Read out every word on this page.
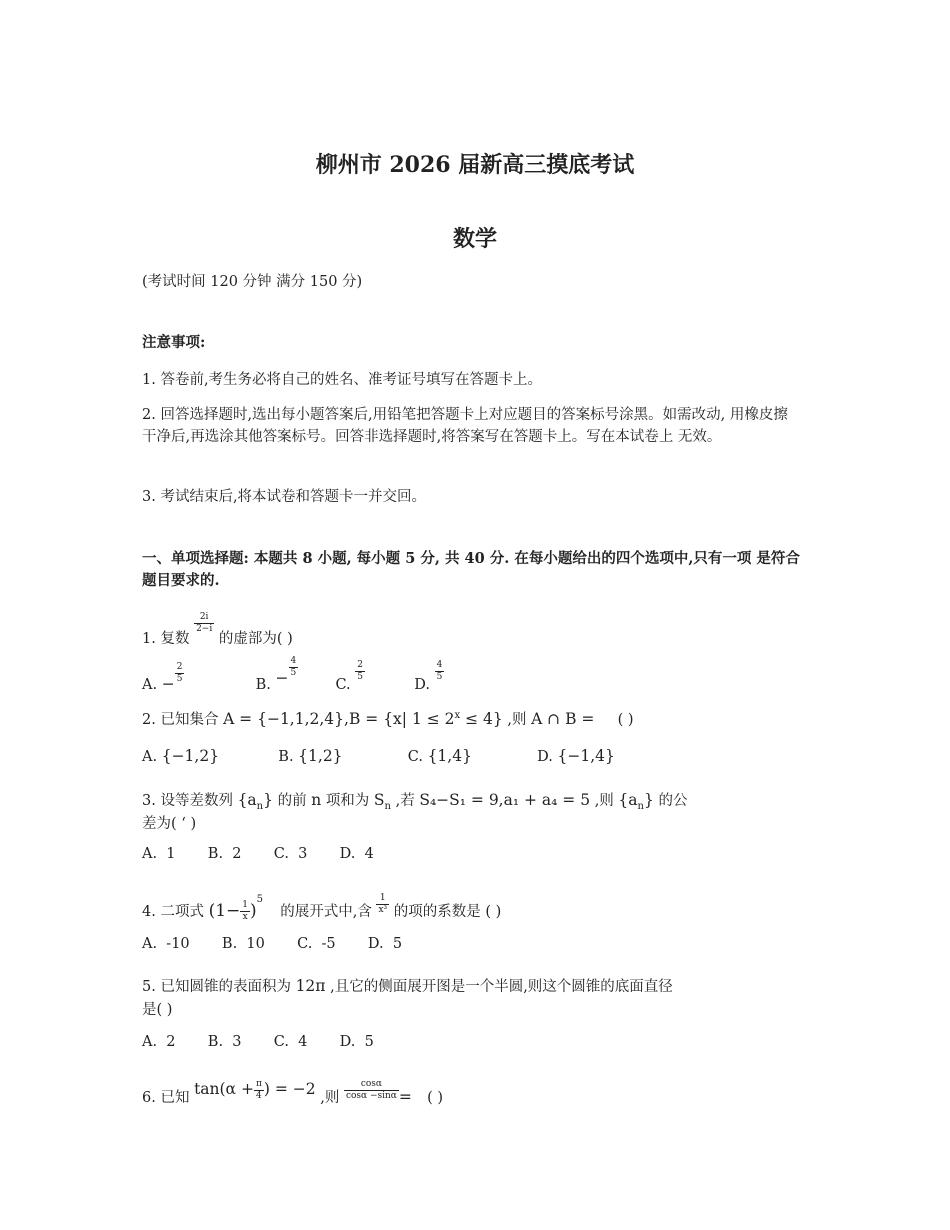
柳州市 2026 届新高三摸底考试
数学
(考试时间 120 分钟 满分 150 分)
注意事项:
1. 答卷前,考生务必将自己的姓名、准考证号填写在答题卡上。
2. 回答选择题时,选出每小题答案后,用铅笔把答题卡上对应题目的答案标号涂黑。如需改动, 用橡皮擦干净后,再选涂其他答案标号。回答非选择题时,将答案写在答题卡上。写在本试卷上 无效。
3. 考试结束后,将本试卷和答题卡一并交回。
一、单项选择题: 本题共 8 小题, 每小题 5 分, 共 40 分. 在每小题给出的四个选项中,只有一项 是符合题目要求的.
1. 复数
$\frac{2i}{2-i}$
的虚部为( )
A. − $\frac{2}{5}$
B. − $\frac{4}{5}$
C.
$\frac{2}{5}$
D.
$\frac{4}{5}$
2. 已知集合 A = {−1,1,2,4},B = {x| $1 \le 2^x \le 4$} ,则 A ∩ B = ( )
A. {−1,2}	B. {1,2}	C. {1,4}	D. {−1,4}
3. 设等差数列 $\{a_n\}$ 的前 n 项和为 $S_n$ ,若 S₄−S₁ = 9,a₁ + a₄ = 5 ,则 $\{a_n\}$ 的公
差为( ‘ )
A.  1       B.  2       C.  3       D.  4
4. 二项式 $(1- \frac{1}{x} )^5$  的展开式中,含 $\frac{1}{\text{x³}}$ 的项的系数是 ( )
A.  -10       B.  10       C.  -5       D.  5
5. 已知圆锥的表面积为 12π ,且它的侧面展开图是一个半圆,则这个圆锥的底面直径
是( )
A.  2       B.  3       C.  4       D.  5
6. 已知 $\tan(\alpha + \frac{\pi}{4}$ ) = −2 ,则 $\frac{\cos\alpha}{\cos\alpha -\sin\alpha}$ = ( )
